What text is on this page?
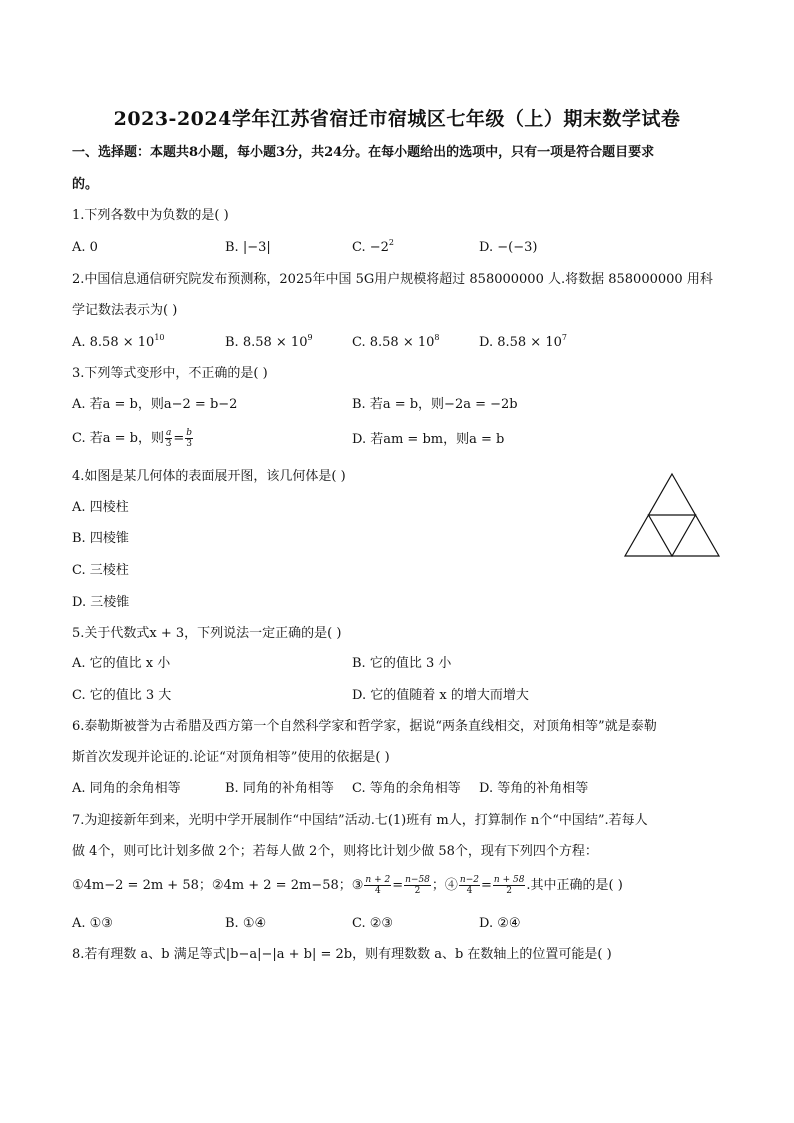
2023-2024学年江苏省宿迁市宿城区七年级（上）期末数学试卷
一、选择题：本题共8小题，每小题3分，共24分。在每小题给出的选项中，只有一项是符合题目要求
的。
1.下列各数中为负数的是( )
A. 0	B. |−3|	C. $-2^2$	D. −(−3)
2.中国信息通信研究院发布预测称，2025年中国 5G用户规模将超过 858000000 人.将数据 858000000 用科
学记数法表示为( )
A. $8.58 \times 10^{10}$	B. $8.58 \times 10^9$	C. $8.58 \times 10^8$	D. $8.58 \times 10^7$
3.下列等式变形中，不正确的是( )
A. 若a = b，则a−2 = b−2	B. 若a = b，则−2a = −2b
C. 若a = b，则 $\frac{a}{3} = \frac{b}{3}$	D. 若am = bm，则a = b
4.如图是某几何体的表面展开图，该几何体是( )
A. 四棱柱
B. 四棱锥
C. 三棱柱
D. 三棱锥
5.关于代数式x + 3，下列说法一定正确的是( )
A. 它的值比 x 小	B. 它的值比 3 小
C. 它的值比 3 大	D. 它的值随着 x 的增大而增大
6.泰勒斯被誉为古希腊及西方第一个自然科学家和哲学家，据说“两条直线相交，对顶角相等”就是泰勒
斯首次发现并论证的.论证“对顶角相等”使用的依据是( )
A. 同角的余角相等	B. 同角的补角相等 C. 等角的余角相等 D. 等角的补角相等
7.为迎接新年到来，光明中学开展制作“中国结”活动.七(1)班有 m人，打算制作 n个“中国结”.若每人
做 4个，则可比计划多做 2个；若每人做 2个，则将比计划少做 58个，现有下列四个方程：
①4m−2 = 2m + 58；②4m + 2 = 2m−58；③ $\frac{n + 2}{4} = \frac{n-58}{2}$ ；④ $\frac{n-2}{4} = \frac{n + 58}{2}$ .其中正确的是( )
A. ①③	B. ①④	C. ②③	D. ②④
8.若有理数 a、b 满足等式|b−a|−|a + b| = 2b，则有理数数 a、b 在数轴上的位置可能是( )
